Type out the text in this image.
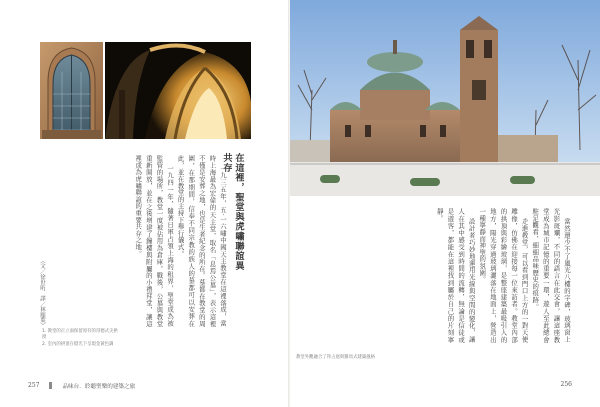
在這裡，聖堂與虎嘯聯誼異共存

一九三五年，五·一六嘯中國天主教堂在這裡落成，當時上海最為宏偉的天主堂，取名「息焉公墓」，表示這裡不僅是安葬之地，也是生者紀念的所在。墓都在教堂的周圍，在那期間，信奉不同宗教的族人的墓都可以安葬在此，並在教堂的主持下舉行儀式。

一九四一年，隨著日軍占領上海的租界，聖堂成為被監管的場所，教堂一度被佔用為倉庫。戰後，公墓與教堂重新開放，並在之後增建了鐘樓與附屬的小禮拜堂，讓這裡成為虎嘯聯誼的重要共存之地。

（文／徐世昕．譯／林順葉）
1. 教堂的正立面保留原有的哥德式尖拱窗
2. 室內的拱頂在燈光下呈現金黃色調
257	品味台．聆聽聖樂的建築之旅

當然還少不了風光八樓的字碑，玻璃窗上光影斑斕，不同的語言在此交會，讓這座教堂成為城市記憶的重要一環，遊人至此總會駐足觀看，細細品味歷史的痕跡。

走進教堂，可以看到門口上方的一對天使雕像，仿佛在迎接每一位來訪者。教堂內部的拱頂與彩繪玻璃，是整座建築最吸引人的地方，陽光穿過玻璃灑落在地面上，營造出一種寧靜而神聖的氛圍。

設計者巧妙地運用光線與空間的變化，讓人在其中感受到時間的流轉，無論是信徒或是遊客，都能在這裡找到屬於自己的片刻寧靜。

教堂外觀融合了拜占庭與羅馬式建築風格
256
